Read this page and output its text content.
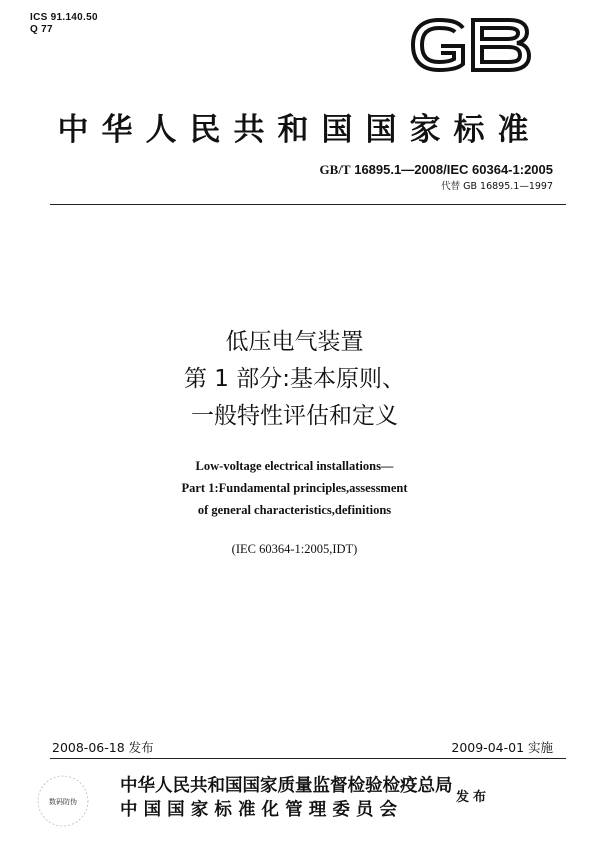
ICS 91.140.50
Q 77
中华人民共和国国家标准
GB/T 16895.1—2008/IEC 60364-1:2005
代替 GB 16895.1—1997
低压电气装置
第 1 部分:基本原则、
一般特性评估和定义
Low-voltage electrical installations—
Part 1:Fundamental principles,assessment
of general characteristics,definitions
(IEC 60364-1:2005,IDT)
2008-06-18 发布	2009-04-01 实施
数码防伪
中华人民共和国国家质量监督检验检疫总局
中 国 国 家 标 准 化 管 理 委 员 会
发布
